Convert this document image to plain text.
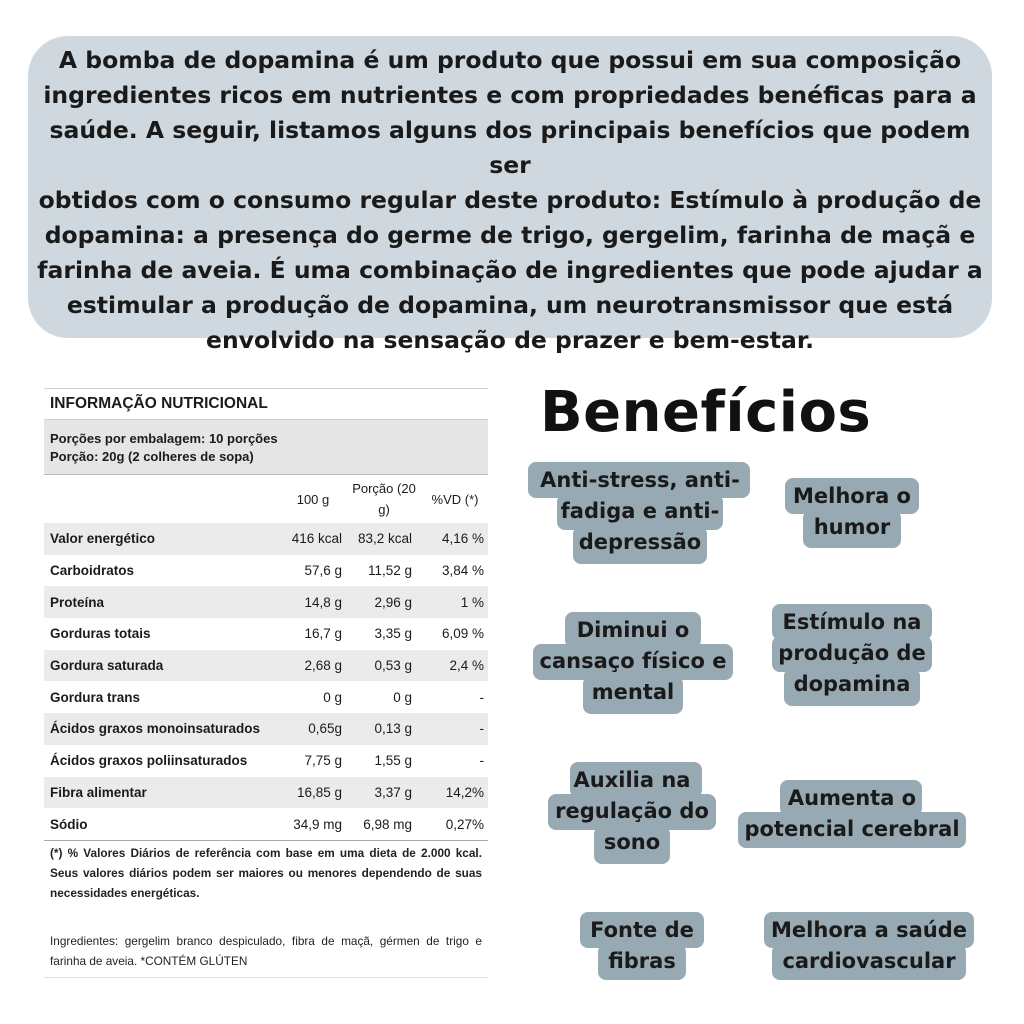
A bomba de dopamina é um produto que possui em sua composição
ingredientes ricos em nutrientes e com propriedades benéficas para a
saúde. A seguir, listamos alguns dos principais benefícios que podem ser
obtidos com o consumo regular deste produto: Estímulo à produção de
dopamina: a presença do germe de trigo, gergelim, farinha de maçã e
farinha de aveia. É uma combinação de ingredientes que pode ajudar a
estimular a produção de dopamina, um neurotransmissor que está
envolvido na sensação de prazer e bem-estar.
INFORMAÇÃO NUTRICIONAL
Porções por embalagem: 10 porções
Porção: 20g (2 colheres de sopa)
	100 g	Porção (20 g)	%VD (*)
Valor energético	416 kcal	83,2 kcal	4,16 %
Carboidratos	57,6 g	11,52 g	3,84 %
Proteína	14,8 g	2,96 g	1 %
Gorduras totais	16,7 g	3,35 g	6,09 %
Gordura saturada	2,68 g	0,53 g	2,4 %
Gordura trans	0 g	0 g	-
Ácidos graxos monoinsaturados	0,65g	0,13 g	-
Ácidos graxos poliinsaturados	7,75 g	1,55 g	-
Fibra alimentar	16,85 g	3,37 g	14,2%
Sódio	34,9 mg	6,98 mg	0,27%
(*) % Valores Diários de referência com base em uma dieta de 2.000 kcal. Seus valores diários podem ser maiores ou menores dependendo de suas necessidades energéticas.
Ingredientes: gergelim branco despiculado, fibra de maçã, gérmen de trigo e farinha de aveia. *CONTÉM GLÚTEN
Benefícios
Anti-stress, anti-
fadiga e anti-
depressão
Melhora o
humor
Diminui o
cansaço físico e
mental
Estímulo na
produção de
dopamina
Auxilia na
regulação do
sono
Aumenta o
potencial cerebral
Fonte de
fibras
Melhora a saúde
cardiovascular
